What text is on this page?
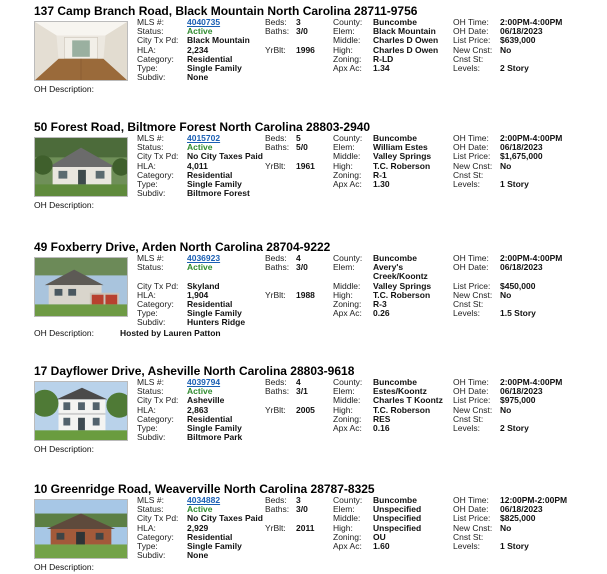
137 Camp Branch Road, Black Mountain North Carolina 28711-9756
50 Forest Road, Biltmore Forest North Carolina 28803-2940
49 Foxberry Drive, Arden North Carolina 28704-9222
17 Dayflower Drive, Asheville North Carolina 28803-9618
10 Greenridge Road, Weaverville North Carolina 28787-8325
MLS #:	4040735
Status:	Active
City Tx Pd: Black Mountain
HLA:	2,234
Category: Residential
Type:	Single Family
Subdiv:	None
Beds: 3
Baths: 3/0
YrBlt: 1996
County: Buncombe
Elem: Black Mountain
Middle: Charles D Owen
High: Charles D Owen
Zoning: R-LD
Apx Ac: 1.34
OH Time: 2:00PM-4:00PM
OH Date: 06/18/2023
List Price: $639,000
New Cnst: No
Cnst St:
Levels: 2 Story
OH Description:
MLS #:	4015702
Status:	Active
City Tx Pd: No City Taxes Paid
HLA:	4,011
Category: Residential
Type:	Single Family
Subdiv:	Biltmore Forest
Beds: 5
Baths: 5/0
YrBlt: 1961
County: Buncombe
Elem: William Estes
Middle: Valley Springs
High: T.C. Roberson
Zoning: R-1
Apx Ac: 1.30
OH Time: 2:00PM-4:00PM
OH Date: 06/18/2023
List Price: $1,675,000
New Cnst: No
Cnst St:
Levels: 1 Story
OH Description:
MLS #:	4036923
Status:	Active
City Tx Pd: Skyland
HLA:	1,904
Category: Residential
Type:	Single Family
Subdiv:	Hunters Ridge
Beds: 4
Baths: 3/0
YrBlt: 1988
County: Buncombe
Elem: Avery's Creek/Koontz
Middle: Valley Springs
High: T.C. Roberson
Zoning: R-3
Apx Ac: 0.26
OH Time: 2:00PM-4:00PM
OH Date: 06/18/2023
List Price: $450,000
New Cnst: No
Cnst St:
Levels: 1.5 Story
OH Description:	Hosted by Lauren Patton
MLS #:	4039794
Status:	Active
City Tx Pd: Asheville
HLA:	2,863
Category: Residential
Type:	Single Family
Subdiv:	Biltmore Park
Beds: 4
Baths: 3/1
YrBlt: 2005
County: Buncombe
Elem: Estes/Koontz
Middle: Charles T Koontz
High: T.C. Roberson
Zoning: RES
Apx Ac: 0.16
OH Time: 2:00PM-4:00PM
OH Date: 06/18/2023
List Price: $975,000
New Cnst: No
Cnst St:
Levels: 2 Story
OH Description:
MLS #:	4034882
Status:	Active
City Tx Pd: No City Taxes Paid
HLA:	2,929
Category: Residential
Type:	Single Family
Subdiv:	None
Beds: 3
Baths: 3/0
YrBlt: 2011
County: Buncombe
Elem: Unspecified
Middle: Unspecified
High: Unspecified
Zoning: OU
Apx Ac: 1.60
OH Time: 12:00PM-2:00PM
OH Date: 06/18/2023
List Price: $825,000
New Cnst: No
Cnst St:
Levels: 1 Story
OH Description:
